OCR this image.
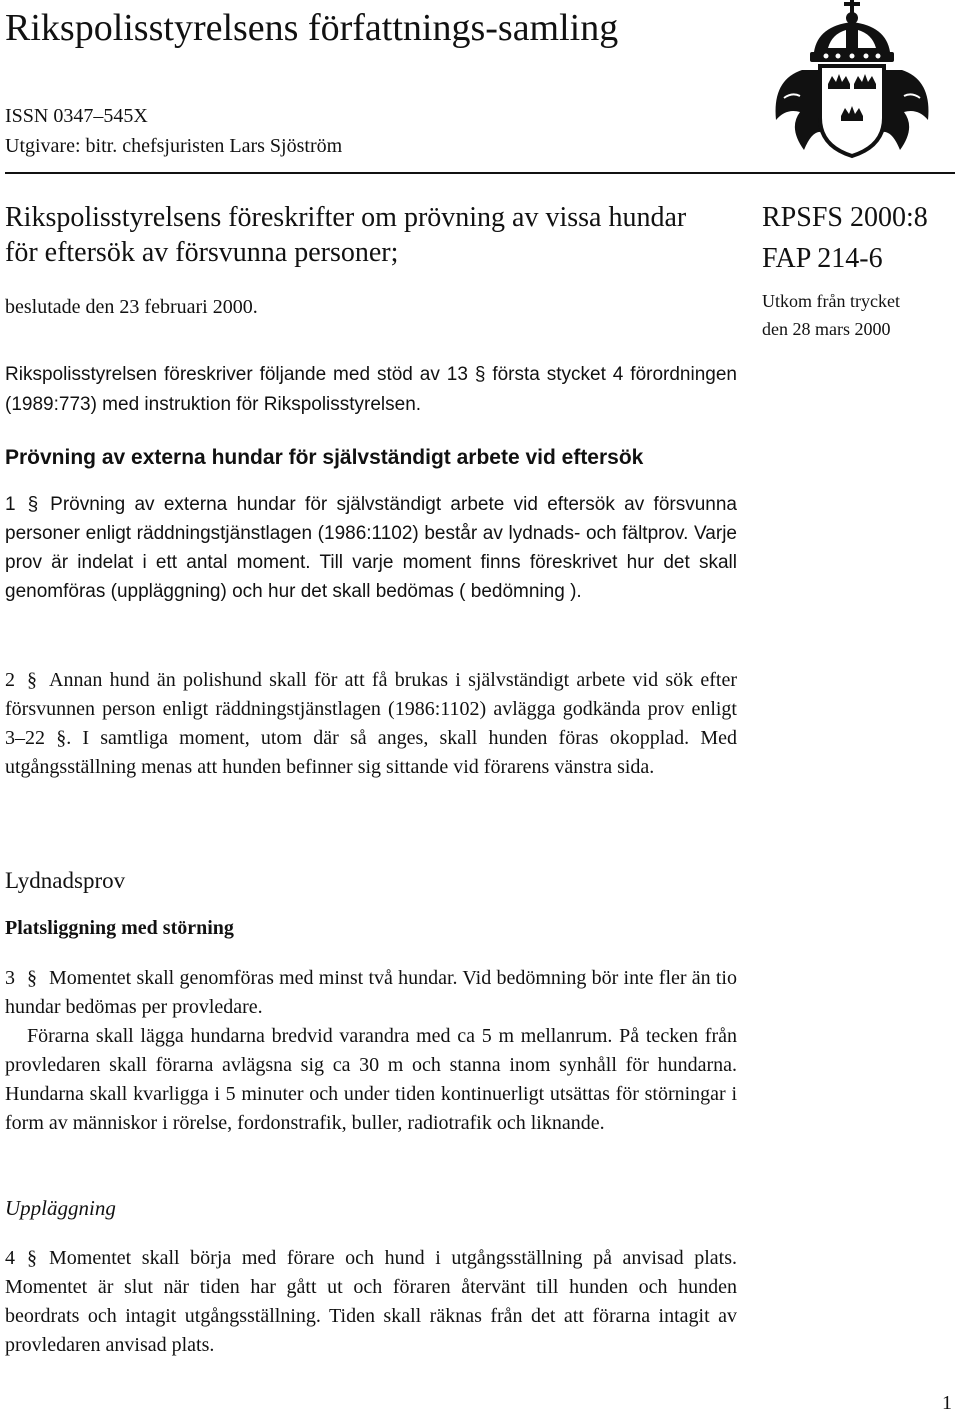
Rikspolisstyrelsens författnings-samling
ISSN 0347–545X
Utgivare: bitr. chefsjuristen Lars Sjöström
Rikspolisstyrelsens föreskrifter om prövning av vissa hundar för eftersök av försvunna personer;
beslutade den 23 februari 2000.
RPSFS 2000:8
FAP 214-6
Utkom från trycket
den 28 mars 2000

Rikspolisstyrelsen föreskriver följande med stöd av 13 § första stycket 4 förordningen (1989:773) med instruktion för Rikspolisstyrelsen.

Prövning av externa hundar för självständigt arbete vid eftersök

1 § Prövning av externa hundar för självständigt arbete vid eftersök av försvunna personer enligt räddningstjänstlagen (1986:1102) består av lydnads- och fältprov. Varje prov är indelat i ett antal moment. Till varje moment finns föreskrivet hur det skall genomföras (uppläggning) och hur det skall bedömas ( bedömning ).

2 § Annan hund än polishund skall för att få brukas i självständigt arbete vid sök efter försvunnen person enligt räddningstjänstlagen (1986:1102) avlägga godkända prov enligt 3–22 §. I samtliga moment, utom där så anges, skall hunden föras okopplad. Med utgångsställning menas att hunden befinner sig sittande vid förarens vänstra sida.

Lydnadsprov
Platsliggning med störning

3 § Momentet skall genomföras med minst två hundar. Vid bedömning bör inte fler än tio hundar bedömas per provledare.

Förarna skall lägga hundarna bredvid varandra med ca 5 m mellanrum. På tecken från provledaren skall förarna avlägsna sig ca 30 m och stanna inom synhåll för hundarna. Hundarna skall kvarligga i 5 minuter och under tiden kontinuerligt utsättas för störningar i form av människor i rörelse, fordonstrafik, buller, radiotrafik och liknande.

Uppläggning

4 § Momentet skall börja med förare och hund i utgångsställning på anvisad plats. Momentet är slut när tiden har gått ut och föraren återvänt till hunden och hunden beordrats och intagit utgångsställning. Tiden skall räknas från det att förarna intagit av provledaren anvisad plats.

1
